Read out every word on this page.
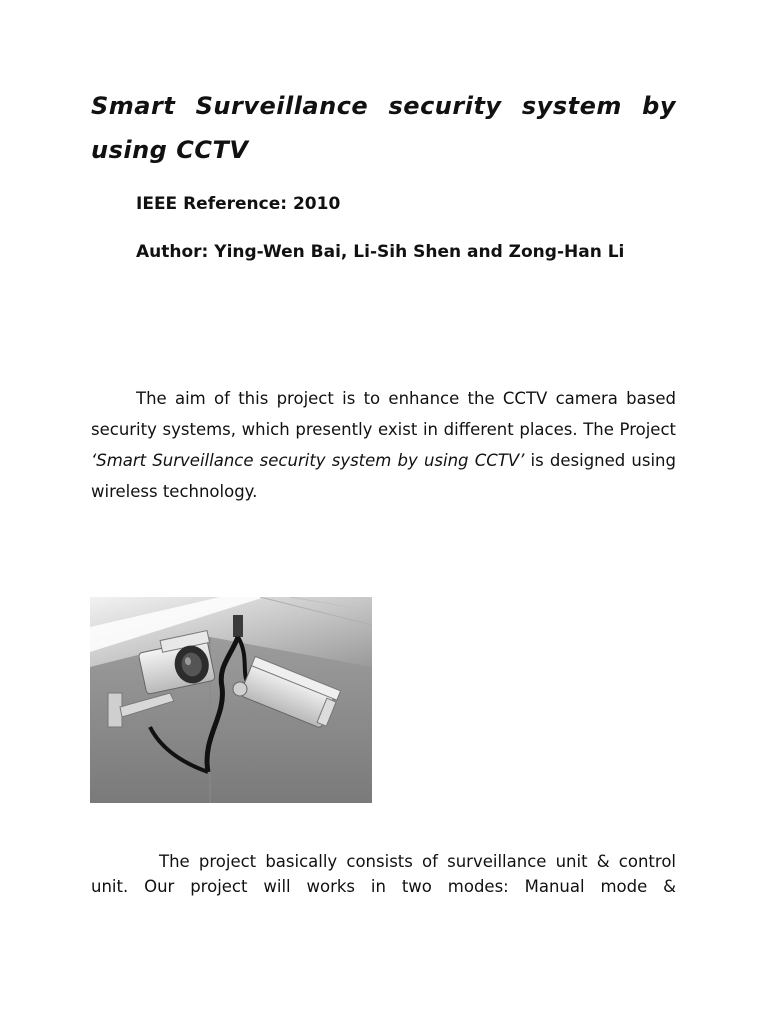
Smart Surveillance security system by using CCTV

IEEE Reference: 2010

Author: Ying-Wen Bai, Li-Sih Shen and Zong-Han Li

The aim of this project is to enhance the CCTV camera based security systems, which presently exist in different places. The Project ‘Smart Surveillance security system by using CCTV’ is designed using wireless technology.

The project basically consists of surveillance unit & control unit. Our project will works in two modes: Manual mode &
